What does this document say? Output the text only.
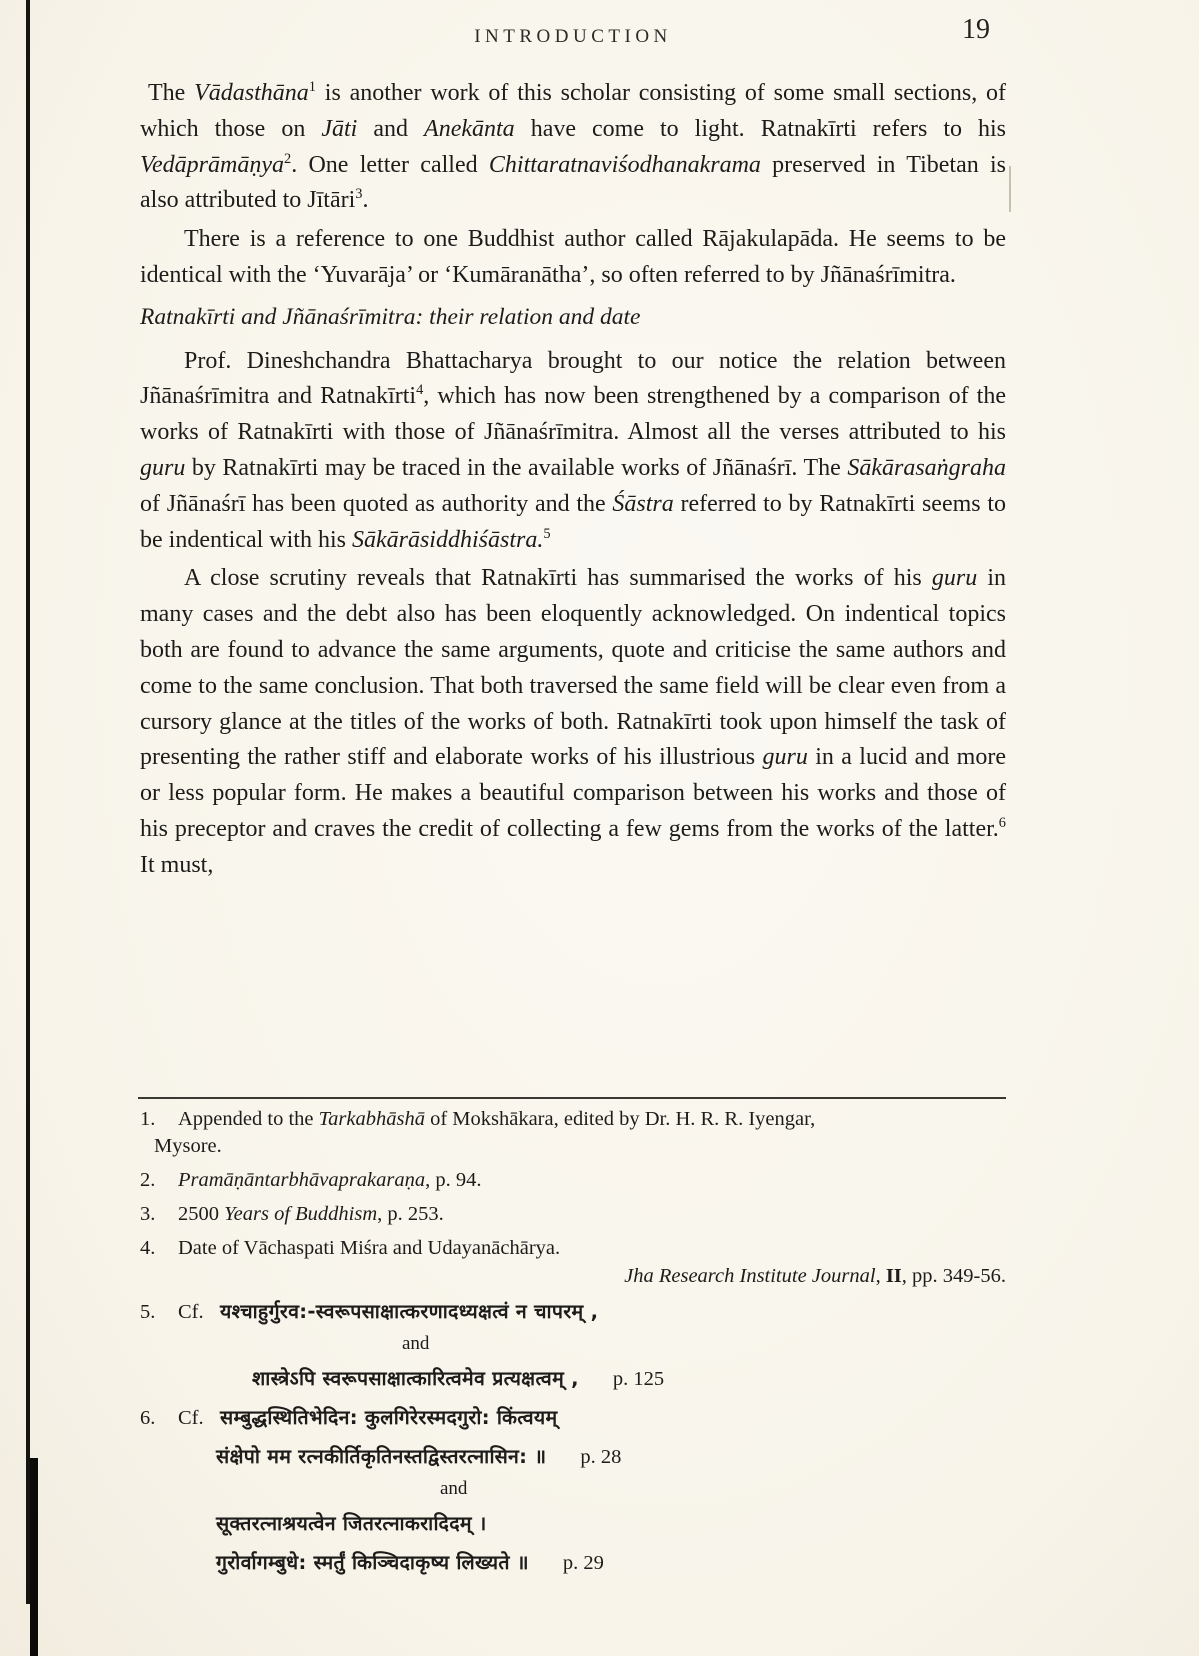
INTRODUCTION	19

The Vādasthāna$^1$ is another work of this scholar consisting of some small sections, of which those on Jāti and Anekānta have come to light. Ratnakīrti refers to his Vedāprāmāṇya$^2$. One letter called Chittaratnaviśodhanakrama preserved in Tibetan is also attributed to Jītāri$^3$.

There is a reference to one Buddhist author called Rājakulapāda. He seems to be identical with the ‘Yuvarāja’ or ‘Kumāranātha’, so often referred to by Jñānaśrīmitra.

Ratnakīrti and Jñānaśrīmitra: their relation and date

Prof. Dineshchandra Bhattacharya brought to our notice the relation between Jñānaśrīmitra and Ratnakīrti$^4$, which has now been strengthened by a comparison of the works of Ratnakīrti with those of Jñānaśrīmitra. Almost all the verses attributed to his guru by Ratnakīrti may be traced in the available works of Jñānaśrī. The Sākārasaṅgraha of Jñānaśrī has been quoted as authority and the Śāstra referred to by Ratnakīrti seems to be indentical with his Sākārāsiddhiśāstra.$^5$

A close scrutiny reveals that Ratnakīrti has summarised the works of his guru in many cases and the debt also has been eloquently acknowledged. On indentical topics both are found to advance the same arguments, quote and criticise the same authors and come to the same conclusion. That both traversed the same field will be clear even from a cursory glance at the titles of the works of both. Ratnakīrti took upon himself the task of presenting the rather stiff and elaborate works of his illustrious guru in a lucid and more or less popular form. He makes a beautiful comparison between his works and those of his preceptor and craves the credit of collecting a few gems from the works of the latter.$^6$ It must,

1. Appended to the Tarkabhāshā of Mokshākara, edited by Dr. H. R. R. Iyengar,
Mysore.
2. Pramāṇāntarbhāvaprakaraṇa, p. 94.
3. 2500 Years of Buddhism, p. 253.
4. Date of Vāchaspati Miśra and Udayanāchārya.
Jha Research Institute Journal, II, pp. 349-56.
5. Cf. यश्चाहुर्गुरव:-स्वरूपसाक्षात्करणादध्यक्षत्वं न चापरम् ,
and
शास्त्रेऽपि स्वरूपसाक्षात्कारित्वमेव प्रत्यक्षत्वम् , p. 125
6. Cf. सम्बुद्धस्थितिभेदिन: कुलगिरेरस्मदगुरो: किंत्वयम्
संक्षेपो मम रत्नकीर्तिकृतिनस्तद्विस्तरत्नासिन: ॥ p. 28
and
सूक्तरत्नाश्रयत्वेन जितरत्नाकरादिदम् ।
गुरोर्वागम्बुधे: स्मर्तुं किञ्चिदाकृष्य लिख्यते ॥ p. 29
